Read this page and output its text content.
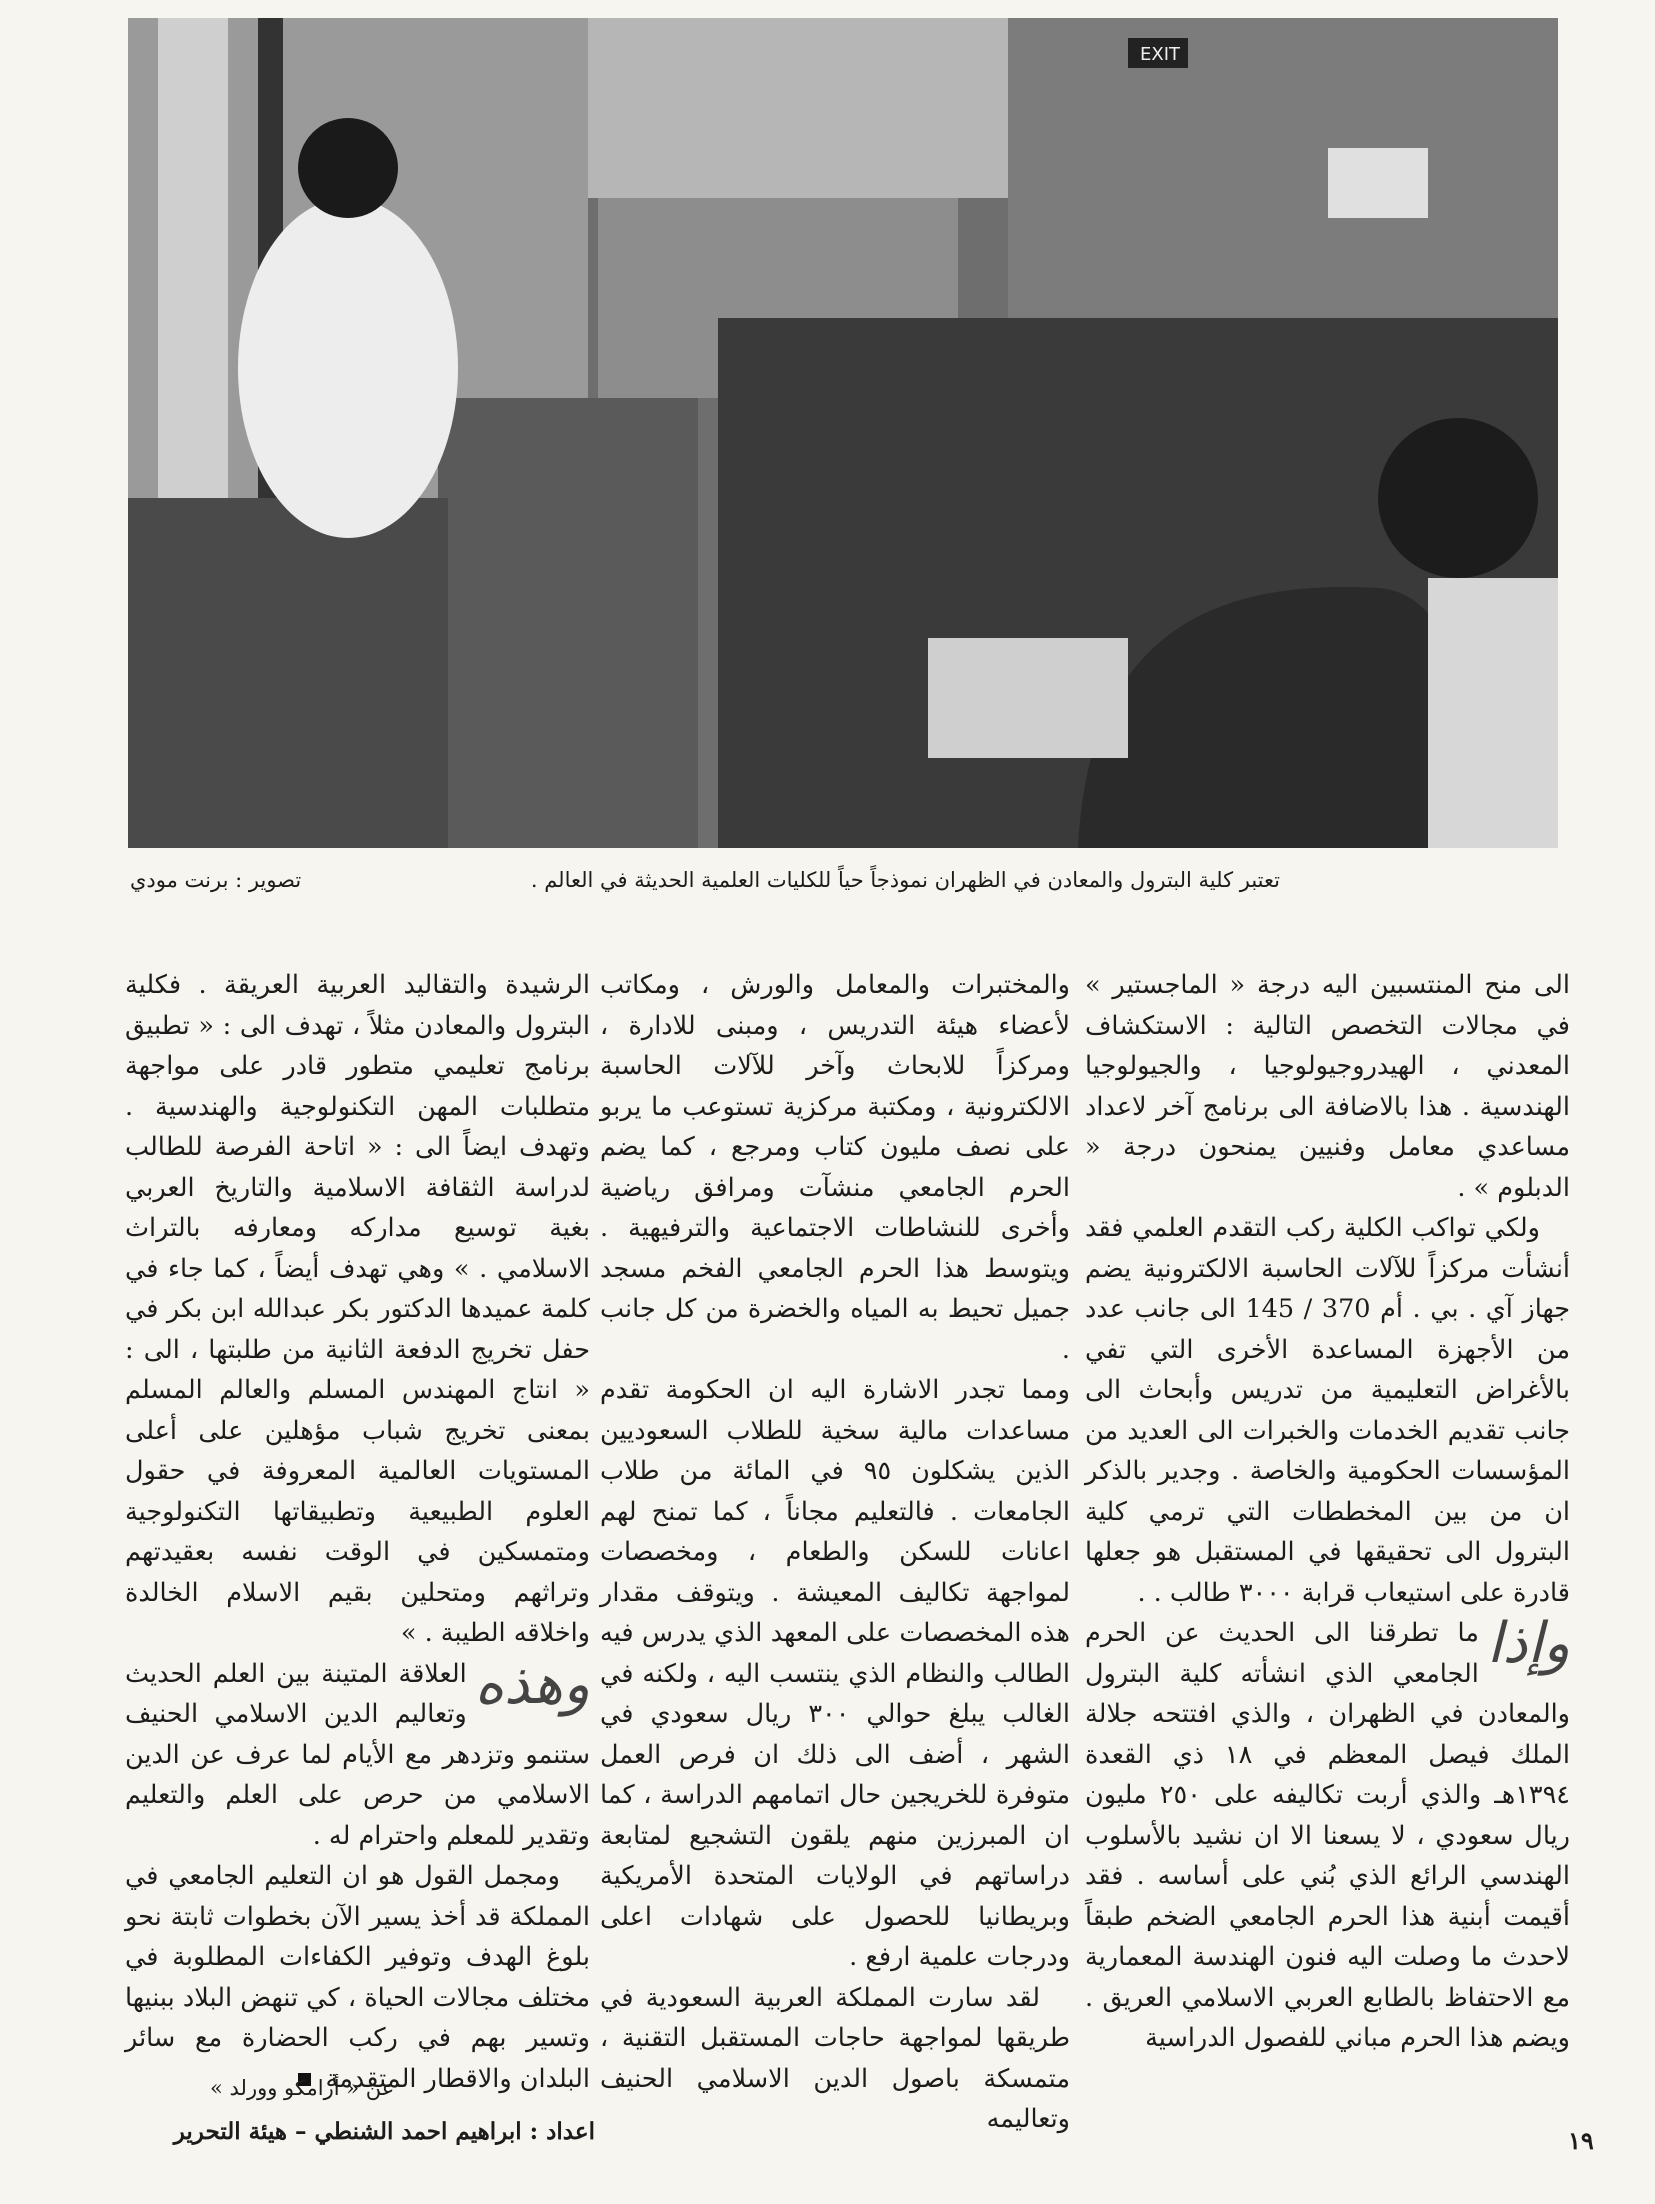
EXIT
تعتبر كلية البترول والمعادن في الظهران نموذجاً حياً للكليات العلمية الحديثة في العالم .
تصوير : برنت مودي

الى منح المنتسبين اليه درجة « الماجستير » في مجالات التخصص التالية : الاستكشاف المعدني ، الهيدروجيولوجيا ، والجيولوجيا الهندسية . هذا بالاضافة الى برنامج آخر لاعداد مساعدي معامل وفنيين يمنحون درجة « الدبلوم » .

ولكي تواكب الكلية ركب التقدم العلمي فقد أنشأت مركزاً للآلات الحاسبة الالكترونية يضم جهاز آي . بي . أم 370 / 145 الى جانب عدد من الأجهزة المساعدة الأخرى التي تفي بالأغراض التعليمية من تدريس وأبحاث الى جانب تقديم الخدمات والخبرات الى العديد من المؤسسات الحكومية والخاصة . وجدير بالذكر ان من بين المخططات التي ترمي كلية البترول الى تحقيقها في المستقبل هو جعلها قادرة على استيعاب قرابة ٣٠٠٠ طالب . .

وإذا
ما تطرقنا الى الحديث عن الحرم الجامعي الذي انشأته كلية البترول والمعادن في الظهران ، والذي افتتحه جلالة الملك فيصل المعظم في ١٨ ذي القعدة ١٣٩٤هـ والذي أربت تكاليفه على ٢٥٠ مليون ريال سعودي ، لا يسعنا الا ان نشيد بالأسلوب الهندسي الرائع الذي بُني على أساسه . فقد أقيمت أبنية هذا الحرم الجامعي الضخم طبقاً لاحدث ما وصلت اليه فنون الهندسة المعمارية مع الاحتفاظ بالطابع العربي الاسلامي العريق . ويضم هذا الحرم مباني للفصول الدراسية

والمختبرات والمعامل والورش ، ومكاتب لأعضاء هيئة التدريس ، ومبنى للادارة ، ومركزاً للابحاث وآخر للآلات الحاسبة الالكترونية ، ومكتبة مركزية تستوعب ما يربو على نصف مليون كتاب ومرجع ، كما يضم الحرم الجامعي منشآت ومرافق رياضية وأخرى للنشاطات الاجتماعية والترفيهية . ويتوسط هذا الحرم الجامعي الفخم مسجد جميل تحيط به المياه والخضرة من كل جانب .

ومما تجدر الاشارة اليه ان الحكومة تقدم مساعدات مالية سخية للطلاب السعوديين الذين يشكلون ٩٥ في المائة من طلاب الجامعات . فالتعليم مجاناً ، كما تمنح لهم اعانات للسكن والطعام ، ومخصصات لمواجهة تكاليف المعيشة . ويتوقف مقدار هذه المخصصات على المعهد الذي يدرس فيه الطالب والنظام الذي ينتسب اليه ، ولكنه في الغالب يبلغ حوالي ٣٠٠ ريال سعودي في الشهر ، أضف الى ذلك ان فرص العمل متوفرة للخريجين حال اتمامهم الدراسة ، كما ان المبرزين منهم يلقون التشجيع لمتابعة دراساتهم في الولايات المتحدة الأمريكية وبريطانيا للحصول على شهادات اعلى ودرجات علمية ارفع .

لقد سارت المملكة العربية السعودية في طريقها لمواجهة حاجات المستقبل التقنية ، متمسكة باصول الدين الاسلامي الحنيف وتعاليمه

الرشيدة والتقاليد العربية العريقة . فكلية البترول والمعادن مثلاً ، تهدف الى : « تطبيق برنامج تعليمي متطور قادر على مواجهة متطلبات المهن التكنولوجية والهندسية . وتهدف ايضاً الى : « اتاحة الفرصة للطالب لدراسة الثقافة الاسلامية والتاريخ العربي بغية توسيع مداركه ومعارفه بالتراث الاسلامي . » وهي تهدف أيضاً ، كما جاء في كلمة عميدها الدكتور بكر عبدالله ابن بكر في حفل تخريج الدفعة الثانية من طلبتها ، الى : « انتاج المهندس المسلم والعالم المسلم بمعنى تخريج شباب مؤهلين على أعلى المستويات العالمية المعروفة في حقول العلوم الطبيعية وتطبيقاتها التكنولوجية ومتمسكين في الوقت نفسه بعقيدتهم وتراثهم ومتحلين بقيم الاسلام الخالدة واخلاقه الطيبة . »

وهذه
العلاقة المتينة بين العلم الحديث وتعاليم الدين الاسلامي الحنيف ستنمو وتزدهر مع الأيام لما عرف عن الدين الاسلامي من حرص على العلم والتعليم وتقدير للمعلم واحترام له .

ومجمل القول هو ان التعليم الجامعي في المملكة قد أخذ يسير الآن بخطوات ثابتة نحو بلوغ الهدف وتوفير الكفاءات المطلوبة في مختلف مجالات الحياة ، كي تنهض البلاد ببنيها وتسير بهم في ركب الحضارة مع سائر البلدان والاقطار المتقدمة

عن « أرامكو وورلد »
اعداد : ابراهيم احمد الشنطي – هيئة التحرير	١٩
